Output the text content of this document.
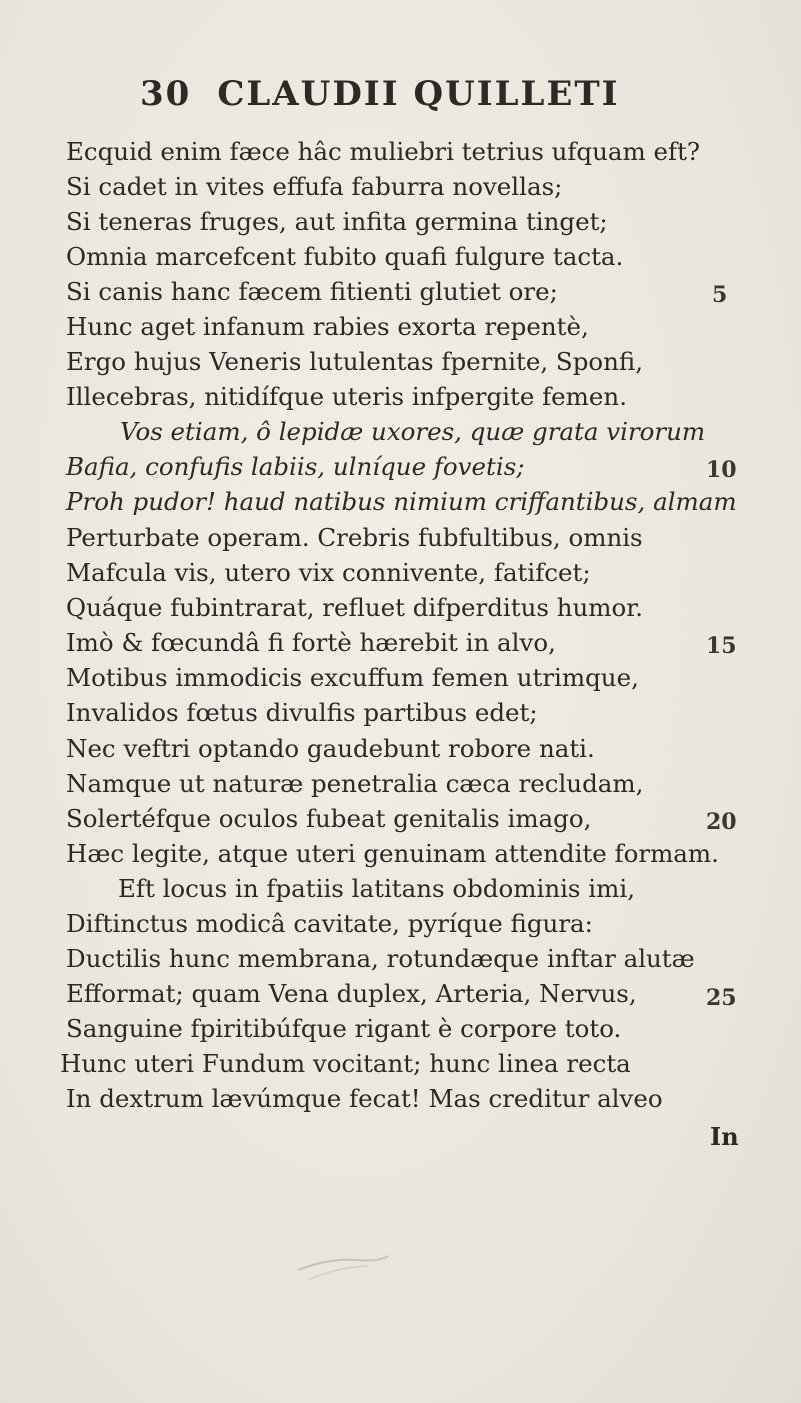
30 CLAUDII QUILLETI
Ecquid enim fæce hâc muliebri tetrius ufquam eft?
Si cadet in vites effufa faburra novellas;
Si teneras fruges, aut infita germina tinget;
Omnia marcefcent fubito quafi fulgure tacta.
Si canis hanc fæcem fitienti glutiet ore;
Hunc aget infanum rabies exorta repentè,
Ergo hujus Veneris lutulentas fpernite, Sponfi,
Illecebras, nitidífque uteris infpergite femen.
Vos etiam, ô lepidæ uxores, quæ grata virorum
Bafia, confufis labiis, ulníque fovetis;
Proh pudor! haud natibus nimium criffantibus, almam
Perturbate operam. Crebris fubfultibus, omnis
Mafcula vis, utero vix connivente, fatifcet;
Quáque fubintrarat, refluet difperditus humor.
Imò & fœcundâ fi fortè hærebit in alvo,
Motibus immodicis excuffum femen utrimque,
Invalidos fœtus divulfis partibus edet;
Nec veftri optando gaudebunt robore nati.
Namque ut naturæ penetralia cæca recludam,
Solertéfque oculos fubeat genitalis imago,
Hæc legite, atque uteri genuinam attendite formam.
Eft locus in fpatiis latitans obdominis imi,
Diftinctus modicâ cavitate, pyríque figura:
Ductilis hunc membrana, rotundæque inftar alutæ
Efformat; quam Vena duplex, Arteria, Nervus,
Sanguine fpiritibúfque rigant è corpore toto.
Hunc uteri Fundum vocitant; hunc linea recta
In dextrum lævúmque fecat! Mas creditur alveo
5
10
15
20
25
In
